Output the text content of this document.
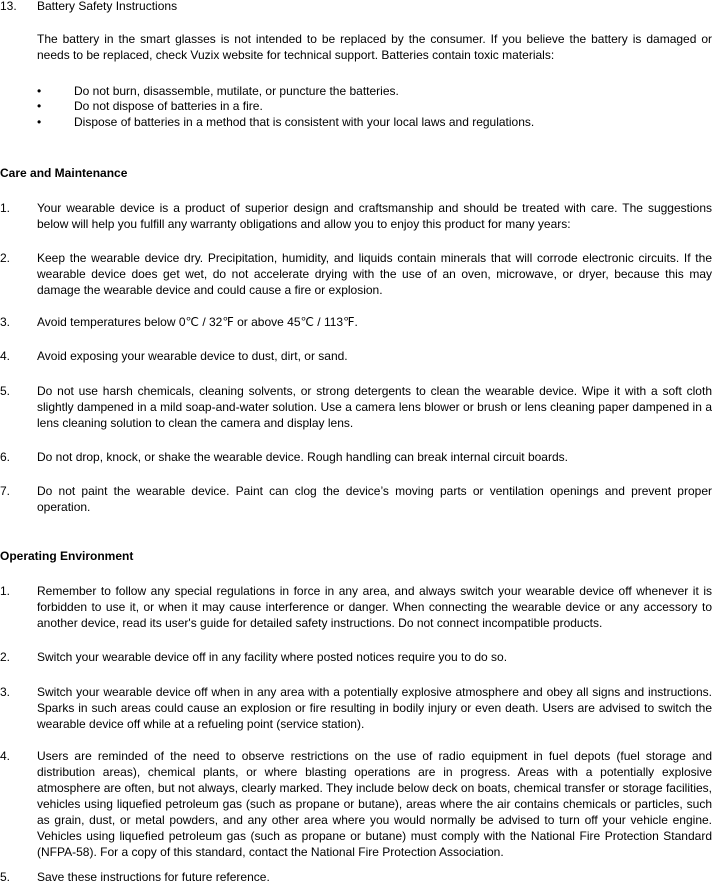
13.	Battery Safety Instructions
The battery in the smart glasses is not intended to be replaced by the consumer. If you believe the battery is damaged or needs to be replaced, check Vuzix website for technical support. Batteries contain toxic materials:
•	Do not burn, disassemble, mutilate, or puncture the batteries.
•	Do not dispose of batteries in a fire.
•	Dispose of batteries in a method that is consistent with your local laws and regulations.
Care and Maintenance
1.	Your wearable device is a product of superior design and craftsmanship and should be treated with care. The suggestions below will help you fulfill any warranty obligations and allow you to enjoy this product for many years:
2.	Keep the wearable device dry. Precipitation, humidity, and liquids contain minerals that will corrode electronic circuits. If the wearable device does get wet, do not accelerate drying with the use of an oven, microwave, or dryer, because this may damage the wearable device and could cause a fire or explosion.
3.	Avoid temperatures below 0℃ / 32℉ or above 45℃ / 113℉.
4.	Avoid exposing your wearable device to dust, dirt, or sand.
5.	Do not use harsh chemicals, cleaning solvents, or strong detergents to clean the wearable device. Wipe it with a soft cloth slightly dampened in a mild soap-and-water solution. Use a camera lens blower or brush or lens cleaning paper dampened in a lens cleaning solution to clean the camera and display lens.
6.	Do not drop, knock, or shake the wearable device. Rough handling can break internal circuit boards.
7.	Do not paint the wearable device. Paint can clog the device’s moving parts or ventilation openings and prevent proper operation.
Operating Environment
1.	Remember to follow any special regulations in force in any area, and always switch your wearable device off whenever it is forbidden to use it, or when it may cause interference or danger. When connecting the wearable device or any accessory to another device, read its user's guide for detailed safety instructions. Do not connect incompatible products.
2.	Switch your wearable device off in any facility where posted notices require you to do so.
3.	Switch your wearable device off when in any area with a potentially explosive atmosphere and obey all signs and instructions. Sparks in such areas could cause an explosion or fire resulting in bodily injury or even death. Users are advised to switch the wearable device off while at a refueling point (service station).
4.	Users are reminded of the need to observe restrictions on the use of radio equipment in fuel depots (fuel storage and distribution areas), chemical plants, or where blasting operations are in progress. Areas with a potentially explosive atmosphere are often, but not always, clearly marked. They include below deck on boats, chemical transfer or storage facilities, vehicles using liquefied petroleum gas (such as propane or butane), areas where the air contains chemicals or particles, such as grain, dust, or metal powders, and any other area where you would normally be advised to turn off your vehicle engine. Vehicles using liquefied petroleum gas (such as propane or butane) must comply with the National Fire Protection Standard (NFPA-58). For a copy of this standard, contact the National Fire Protection Association.
5.	Save these instructions for future reference.
